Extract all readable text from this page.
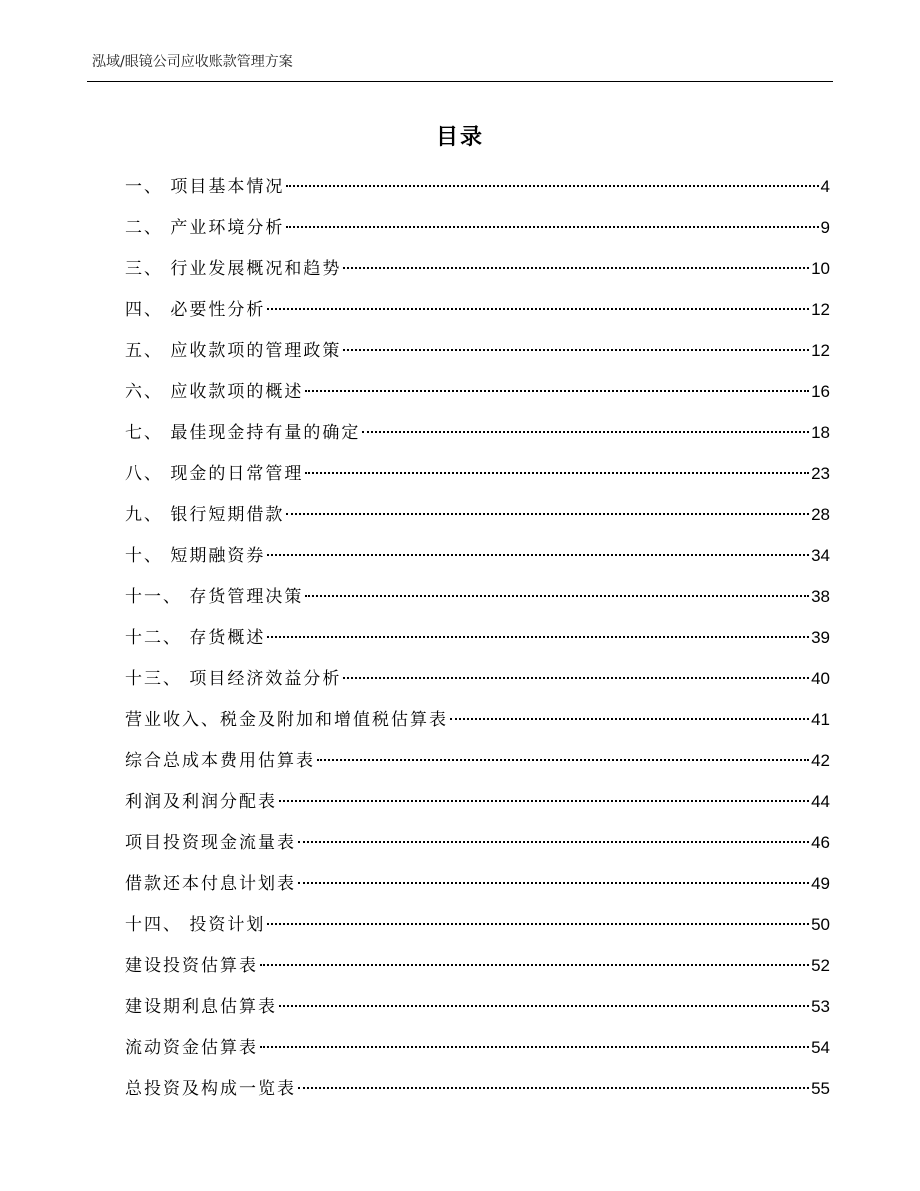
泓域/眼镜公司应收账款管理方案
目录
一、 项目基本情况	4
二、 产业环境分析	9
三、 行业发展概况和趋势	10
四、 必要性分析	12
五、 应收款项的管理政策	12
六、 应收款项的概述	16
七、 最佳现金持有量的确定	18
八、 现金的日常管理	23
九、 银行短期借款	28
十、 短期融资券	34
十一、 存货管理决策	38
十二、 存货概述	39
十三、 项目经济效益分析	40
营业收入、税金及附加和增值税估算表	41
综合总成本费用估算表	42
利润及利润分配表	44
项目投资现金流量表	46
借款还本付息计划表	49
十四、 投资计划	50
建设投资估算表	52
建设期利息估算表	53
流动资金估算表	54
总投资及构成一览表	55
